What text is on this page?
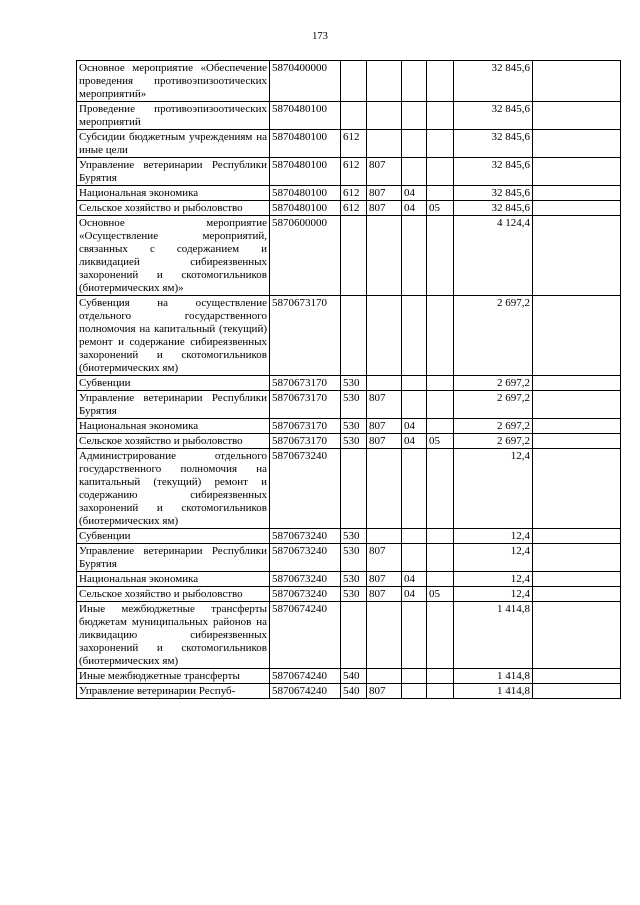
173
Основное мероприятие «Обеспечение проведения противоэпизоотических мероприятий»	5870400000					32 845,6	
Проведение противоэпизоотических мероприятий	5870480100					32 845,6	
Субсидии бюджетным учреждениям на иные цели	5870480100	612				32 845,6	
Управление ветеринарии Республики Бурятия	5870480100	612	807			32 845,6	
Национальная экономика	5870480100	612	807	04		32 845,6	
Сельское хозяйство и рыболовство	5870480100	612	807	04	05	32 845,6	
Основное мероприятие «Осуществление мероприятий, связанных с содержанием и ликвидацией сибиреязвенных захоронений и скотомогильников (биотермических ям)»	5870600000					4 124,4	
Субвенция на осуществление отдельного государственного полномочия на капитальный (текущий) ремонт и содержание сибиреязвенных захоронений и скотомогильников (биотермических ям)	5870673170					2 697,2	
Субвенции	5870673170	530				2 697,2	
Управление ветеринарии Республики Бурятия	5870673170	530	807			2 697,2	
Национальная экономика	5870673170	530	807	04		2 697,2	
Сельское хозяйство и рыболовство	5870673170	530	807	04	05	2 697,2	
Администрирование отдельного государственного полномочия на капитальный (текущий) ремонт и содержанию сибиреязвенных захоронений и скотомогильников (биотермических ям)	5870673240					12,4	
Субвенции	5870673240	530				12,4	
Управление ветеринарии Республики Бурятия	5870673240	530	807			12,4	
Национальная экономика	5870673240	530	807	04		12,4	
Сельское хозяйство и рыболовство	5870673240	530	807	04	05	12,4	
Иные межбюджетные трансферты бюджетам муниципальных районов на ликвидацию сибиреязвенных захоронений и скотомогильников (биотермических ям)	5870674240					1 414,8	
Иные межбюджетные трансферты	5870674240	540				1 414,8	
Управление ветеринарии Респуб-	5870674240	540	807			1 414,8	
